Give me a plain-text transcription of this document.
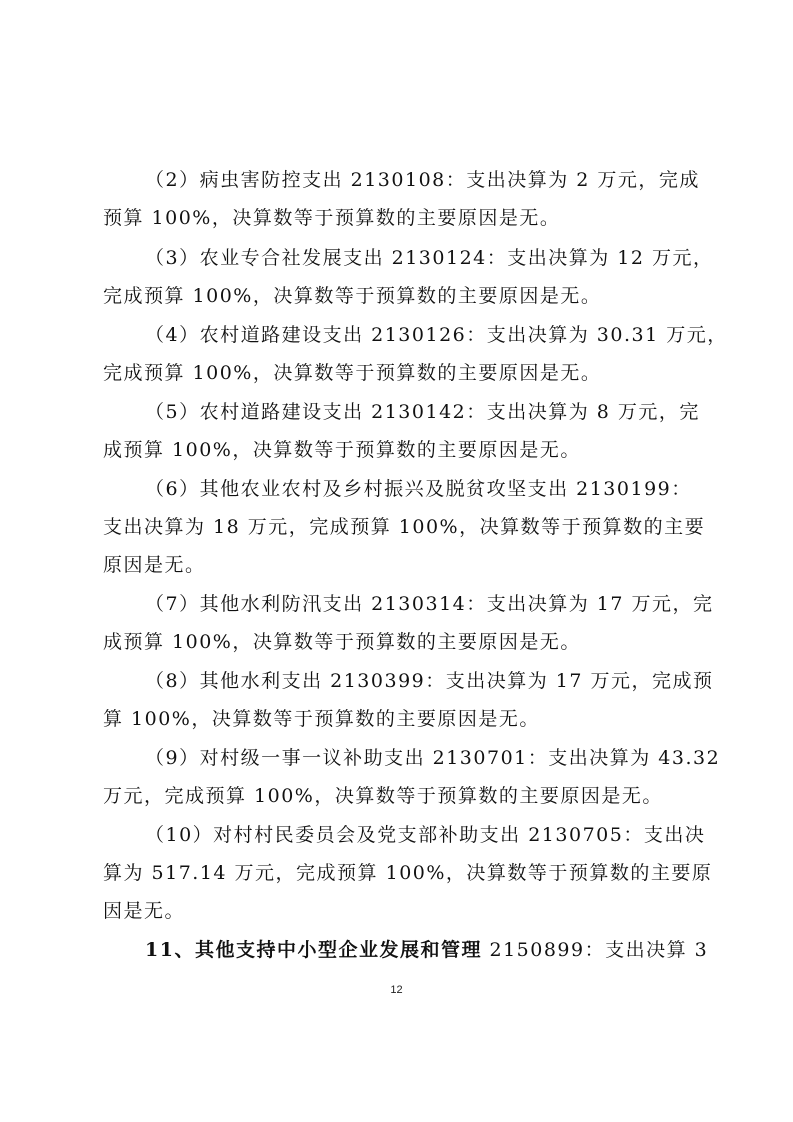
（2）病虫害防控支出 2130108：支出决算为 2 万元，完成
预算 100%，决算数等于预算数的主要原因是无。
（3）农业专合社发展支出 2130124：支出决算为 12 万元，
完成预算 100%，决算数等于预算数的主要原因是无。
（4）农村道路建设支出 2130126：支出决算为 30.31 万元，
完成预算 100%，决算数等于预算数的主要原因是无。
（5）农村道路建设支出 2130142：支出决算为 8 万元，完
成预算 100%，决算数等于预算数的主要原因是无。
（6）其他农业农村及乡村振兴及脱贫攻坚支出 2130199：
支出决算为 18 万元，完成预算 100%，决算数等于预算数的主要
原因是无。
（7）其他水利防汛支出 2130314：支出决算为 17 万元，完
成预算 100%，决算数等于预算数的主要原因是无。
（8）其他水利支出 2130399：支出决算为 17 万元，完成预
算 100%，决算数等于预算数的主要原因是无。
（9）对村级一事一议补助支出 2130701：支出决算为 43.32
万元，完成预算 100%，决算数等于预算数的主要原因是无。
（10）对村村民委员会及党支部补助支出 2130705：支出决
算为 517.14 万元，完成预算 100%，决算数等于预算数的主要原
因是无。
11、其他支持中小型企业发展和管理 2150899：支出决算 3
12
